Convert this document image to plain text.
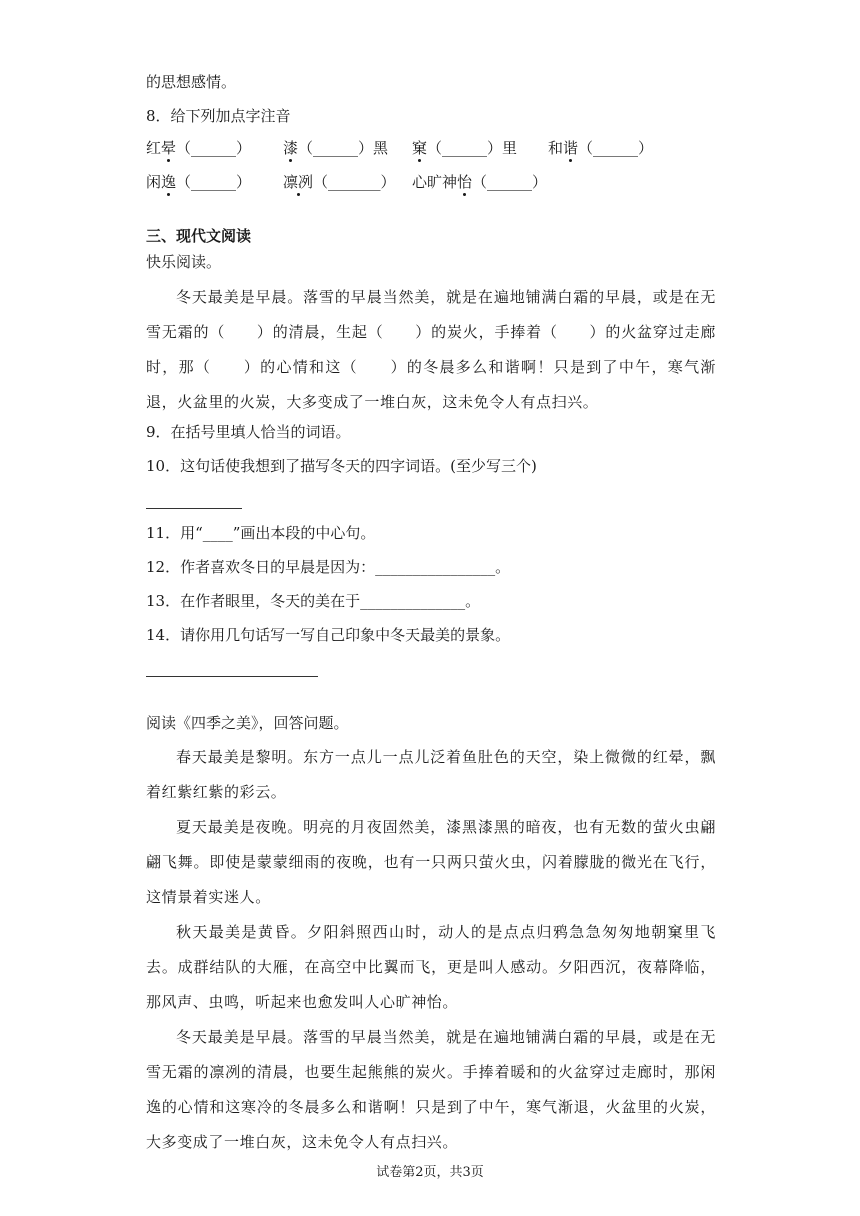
的思想感情。
8．给下列加点字注音
红晕（______） 漆（______）黑 窠（______）里 和谐（______）
闲逸（______） 凛冽（_______） 心旷神怡（______）
三、现代文阅读
快乐阅读。
冬天最美是早晨。落雪的早晨当然美，就是在遍地铺满白霜的早晨，或是在无雪无霜的（　　）的清晨，生起（　　）的炭火，手捧着（　　）的火盆穿过走廊时，那（　　）的心情和这（　　）的冬晨多么和谐啊！只是到了中午，寒气渐退，火盆里的火炭，大多变成了一堆白灰，这未免令人有点扫兴。
9．在括号里填人恰当的词语。
10．这句话使我想到了描写冬天的四字词语。(至少写三个)
11．用“____”画出本段的中心句。
12．作者喜欢冬日的早晨是因为：________________。
13．在作者眼里，冬天的美在于______________。
14．请你用几句话写一写自己印象中冬天最美的景象。
阅读《四季之美》，回答问题。
春天最美是黎明。东方一点儿一点儿泛着鱼肚色的天空，染上微微的红晕，飘着红紫红紫的彩云。
夏天最美是夜晚。明亮的月夜固然美，漆黑漆黑的暗夜，也有无数的萤火虫翩翩飞舞。即使是蒙蒙细雨的夜晚，也有一只两只萤火虫，闪着朦胧的微光在飞行，这情景着实迷人。
秋天最美是黄昏。夕阳斜照西山时，动人的是点点归鸦急急匆匆地朝窠里飞去。成群结队的大雁，在高空中比翼而飞，更是叫人感动。夕阳西沉，夜幕降临，那风声、虫鸣，听起来也愈发叫人心旷神怡。
冬天最美是早晨。落雪的早晨当然美，就是在遍地铺满白霜的早晨，或是在无雪无霜的凛冽的清晨，也要生起熊熊的炭火。手捧着暖和的火盆穿过走廊时，那闲逸的心情和这寒冷的冬晨多么和谐啊！只是到了中午，寒气渐退，火盆里的火炭，大多变成了一堆白灰，这未免令人有点扫兴。
试卷第2页，共3页
